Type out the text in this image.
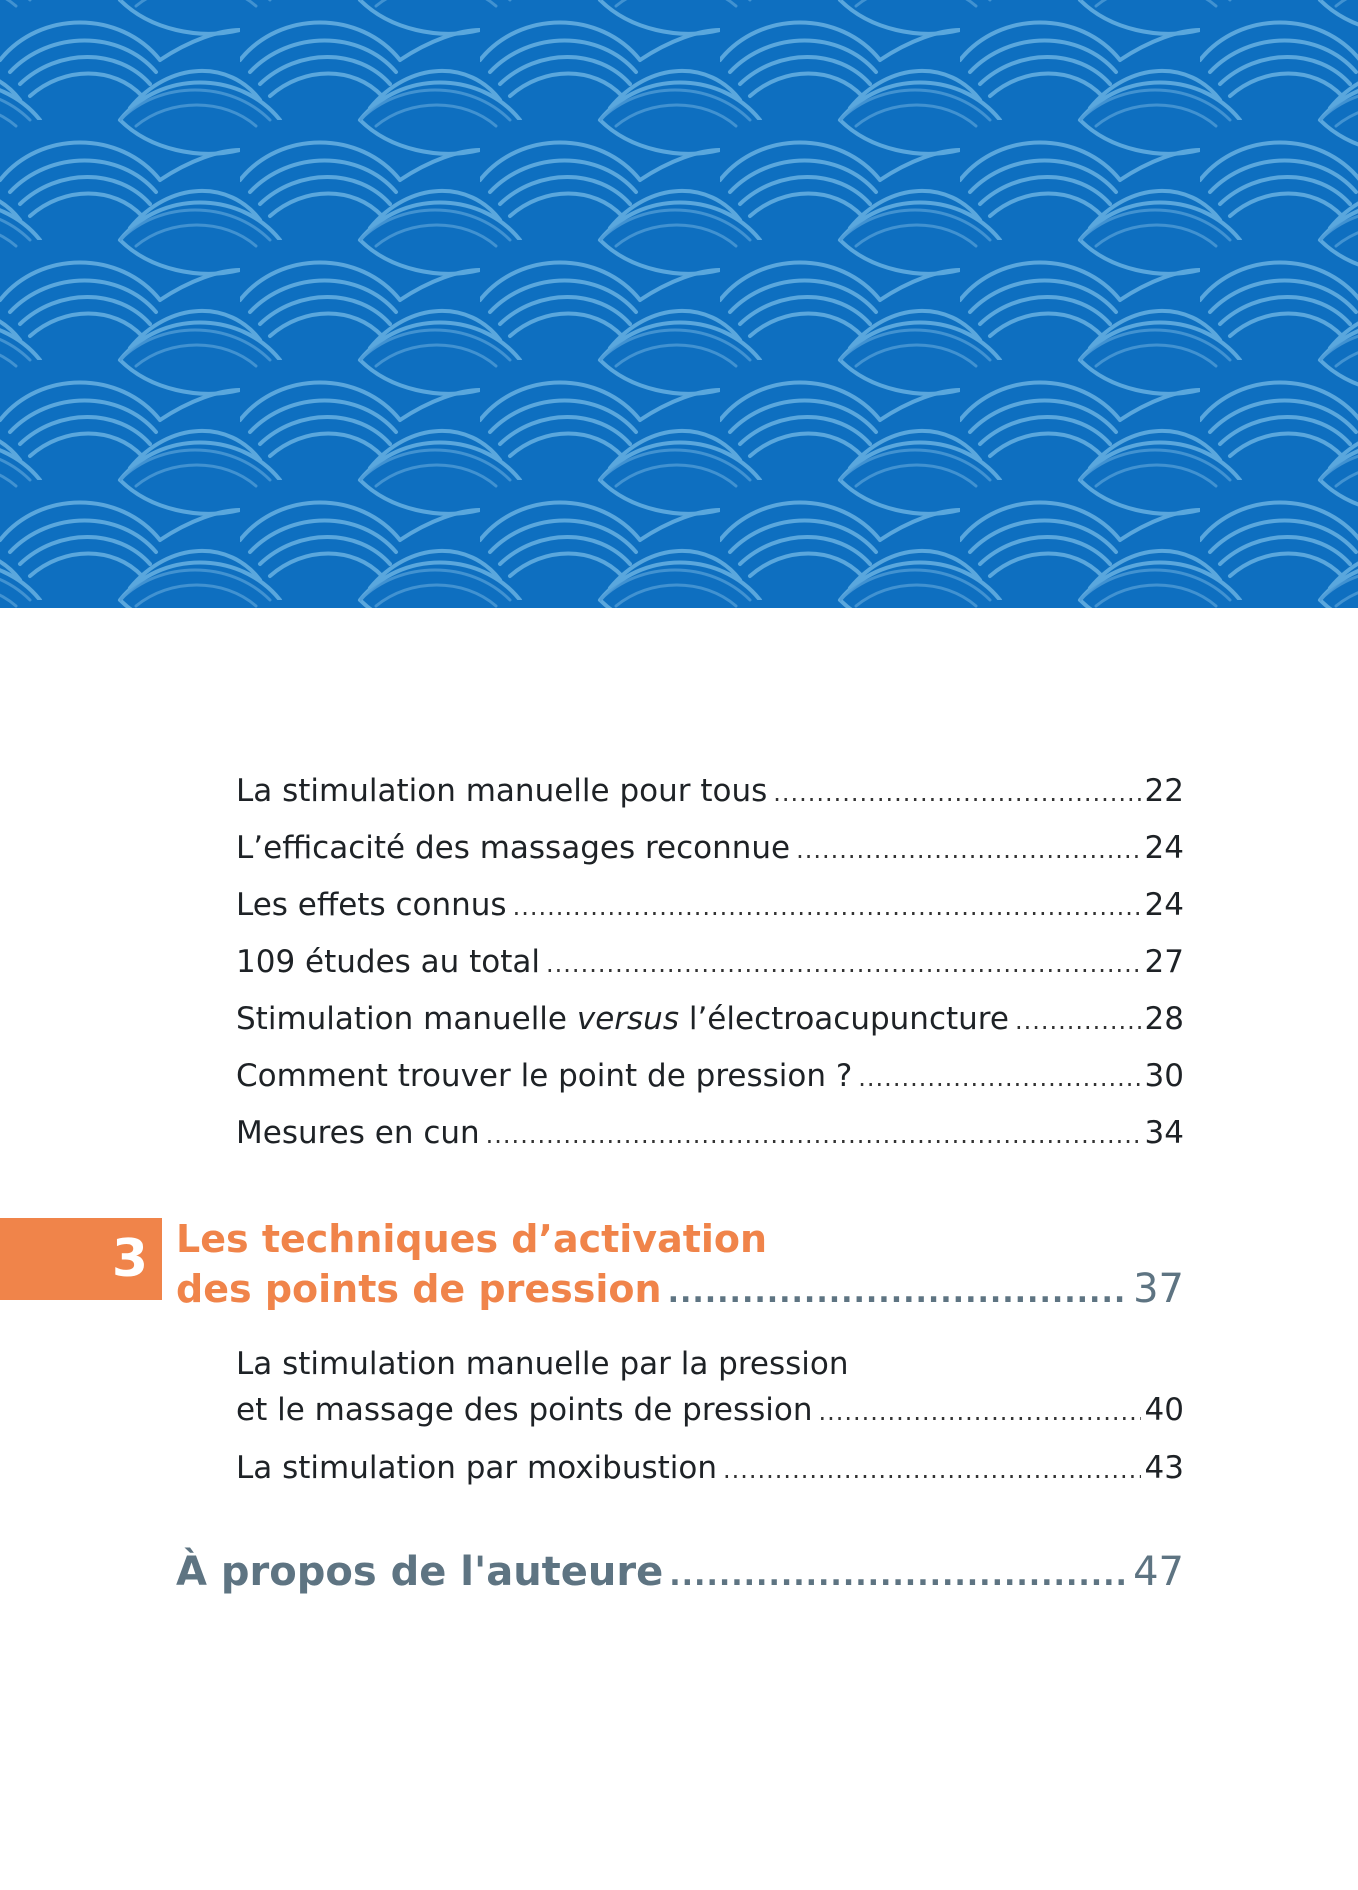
La stimulation manuelle pour tous .....	22
L’efficacité des massages reconnue .....	24
Les effets connus .....	24
109 études au total .....	27
Stimulation manuelle versus l’électroacupuncture .....	28
Comment trouver le point de pression ? .....	30
Mesures en cun .....	34
3 Les techniques d’activation
des points de pression .....	37
La stimulation manuelle par la pression
et le massage des points de pression .....	40
La stimulation par moxibustion .....	43
À propos de l'auteure .....	47
